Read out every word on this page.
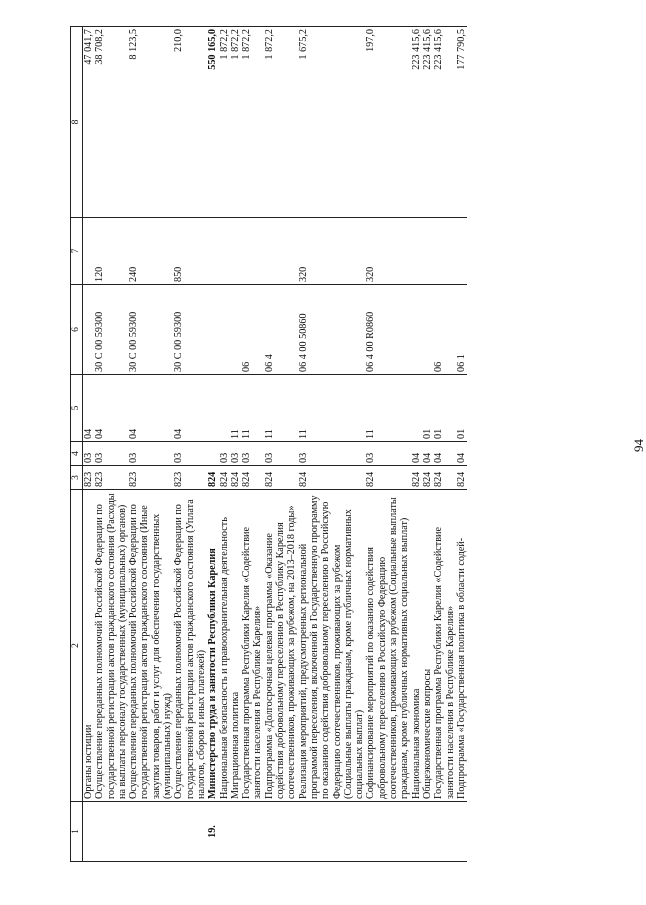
94
1	2	3	4	5	6	7	8
	Органы юстиции	823	03	04			47 041,7
	Осуществление переданных полномочий Российской Федерации по государственной регистрации актов гражданского состояния (Расходы на выплаты персоналу государственных (муниципальных) органов)	823	03	04	30 С 00 59300	120	38 708,2
	Осуществление переданных полномочий Российской Федерации по государственной регистрации актов гражданского состояния (Иные закупки товаров, работ и услуг для обеспечения государственных (муниципальных) нужд)	823	03	04	30 С 00 59300	240	8 123,5
	Осуществление переданных полномочий Российской Федерации по государственной регистрации актов гражданского состояния (Уплата налогов, сборов и иных платежей)	823	03	04	30 С 00 59300	850	210,0
19.	Министерство труда и занятости Республики Карелия	824					550 165,0
	Национальная безопасность и правоохранительная деятельность	824	03				1 872,2
	Миграционная политика	824	03	11			1 872,2
	Государственная программа Республики Карелия «Содействие занятости населения в Республике Карелия»	824	03	11	06		1 872,2
	Подпрограмма «Долгосрочная целевая программа «Оказание содействия добровольному переселению в Республику Карелия соотечественников, проживающих за рубежом, на 2013–2018 годы»	824	03	11	06 4		1 872,2
	Реализация мероприятий, предусмотренных региональной программой переселения, включенной в Государственную программу по оказанию содействия добровольному переселению в Российскую Федерацию соотечественников, проживающих за рубежом (Социальные выплаты гражданам, кроме публичных нормативных социальных выплат)	824	03	11	06 4 00 50860	320	1 675,2
	Софинансирование мероприятий по оказанию содействия добровольному переселению в Российскую Федерацию соотечественников, проживающих за рубежом (Социальные выплаты гражданам, кроме публичных нормативных социальных выплат)	824	03	11	06 4 00 R0860	320	197,0
	Национальная экономика	824	04				223 415,6
	Общеэкономические вопросы	824	04	01			223 415,6
	Государственная программа Республики Карелия «Содействие занятости населения в Республике Карелия»	824	04	01	06		223 415,6
	Подпрограмма «Государственная политика в области содей-	824	04	01	06 1		177 790,5
